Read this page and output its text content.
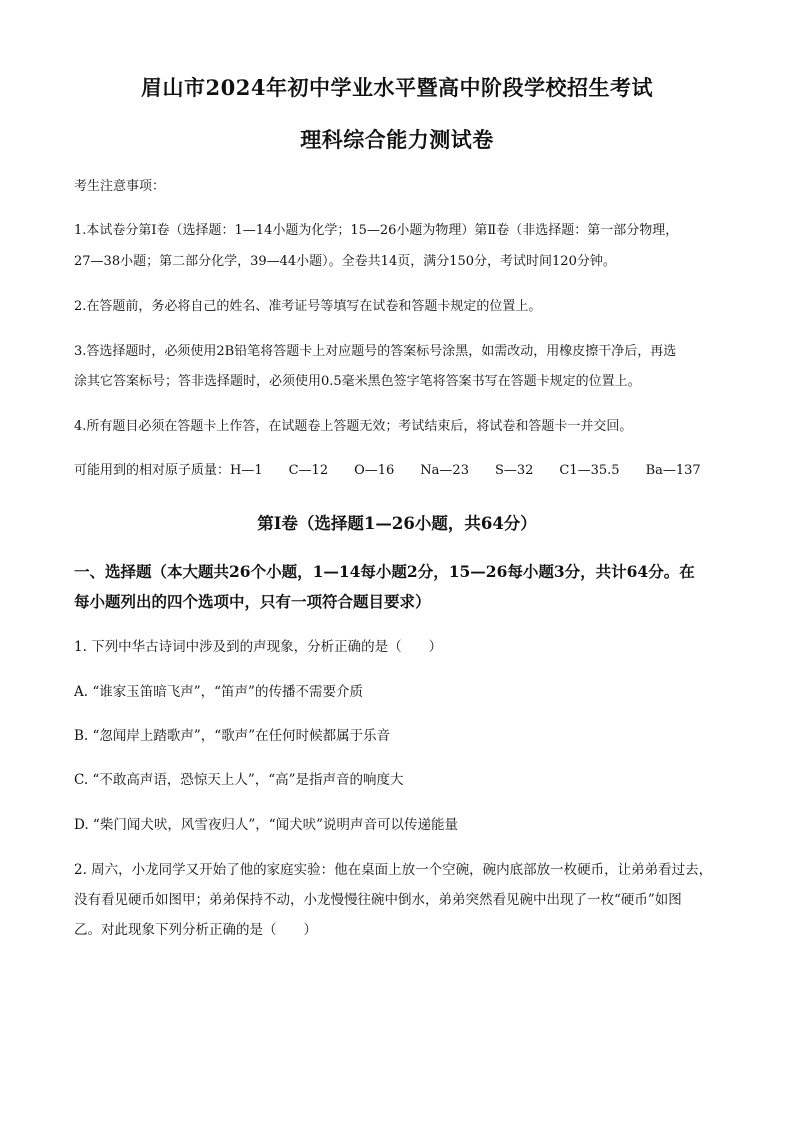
眉山市2024年初中学业水平暨高中阶段学校招生考试
理科综合能力测试卷
考生注意事项：
1.本试卷分第Ⅰ卷（选择题：1—14小题为化学；15—26小题为物理）第Ⅱ卷（非选择题：第一部分物理，
27—38小题；第二部分化学，39—44小题）。全卷共14页，满分150分，考试时间120分钟。
2.在答题前，务必将自己的姓名、准考证号等填写在试卷和答题卡规定的位置上。
3.答选择题时，必须使用2B铅笔将答题卡上对应题号的答案标号涂黑，如需改动，用橡皮擦干净后，再选
涂其它答案标号；答非选择题时，必须使用0.5毫米黑色签字笔将答案书写在答题卡规定的位置上。
4.所有题目必须在答题卡上作答，在试题卷上答题无效；考试结束后，将试卷和答题卡一并交回。
可能用到的相对原子质量：H—1　　C—12　　O—16　　Na—23　　S—32　　C1—35.5　　Ba—137
第Ⅰ卷（选择题1—26小题，共64分）
一、选择题（本大题共26个小题，1—14每小题2分，15—26每小题3分，共计64分。在
每小题列出的四个选项中，只有一项符合题目要求）
1. 下列中华古诗词中涉及到的声现象，分析正确的是（　　）
A. “谁家玉笛暗飞声”，“笛声”的传播不需要介质
B. “忽闻岸上踏歌声”，“歌声”在任何时候都属于乐音
C. “不敢高声语，恐惊天上人”，“高”是指声音的响度大
D. “柴门闻犬吠，风雪夜归人”，“闻犬吠”说明声音可以传递能量
2. 周六，小龙同学又开始了他的家庭实验：他在桌面上放一个空碗，碗内底部放一枚硬币，让弟弟看过去，
没有看见硬币如图甲；弟弟保持不动，小龙慢慢往碗中倒水，弟弟突然看见碗中出现了一枚“硬币”如图
乙。对此现象下列分析正确的是（　　）
